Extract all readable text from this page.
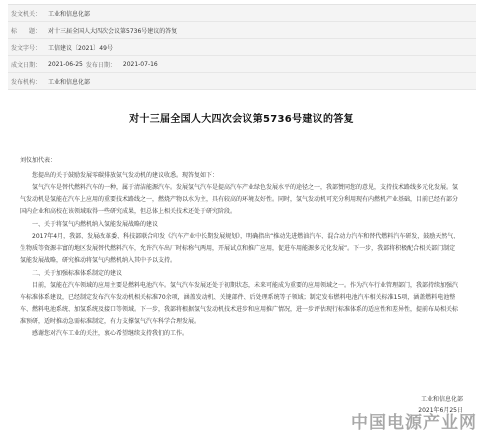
发文机关：	工业和信息化部
标　　题：	对十三届全国人大四次会议第5736号建议的答复
发文字号：	工信建议〔2021〕49号
成文日期：	2021-06-25 发布日期：	2021-07-16
发布机构：	工业和信息化部
对十三届全国人大四次会议第5736号建议的答复

刘仪加代表：

您提出的关于鼓励发展零碳排放氨气发动机的建议收悉。现答复如下：

氢气汽车是替代燃料汽车的一种，属于清洁能源汽车。发展氢气汽车是提高汽车产业绿色发展水平的途径之一，我部赞同您的意见，支持技术路线多元化发展。氢气发动机是氢能在汽车上应用的重要技术路线之一，燃烧产物以水为主，具有较高的环境友好性。同时，氢气发动机可充分利用现有内燃机产业基础，目前已经有部分国内企业和高校在该领域取得一些研究成果，但总体上相关技术还处于研究阶段。

一、关于将氢气内燃机纳入氢能发展战略的建议

2017年4月，我部、发展改革委、科技部联合印发《汽车产业中长期发展规划》，明确指出“推动先进燃油汽车、混合动力汽车和替代燃料汽车研发，鼓励天然气、生物质等资源丰富的地区发展替代燃料汽车，允许汽车出厂时标称气两用，开展试点和推广应用，促进车用能源多元化发展”。下一步，我部将积极配合相关部门制定氢能发展战略，研究推动将氢气内燃机纳入其中予以支持。

二、关于加强标准体系制定的建议

目前，氢能在汽车领域的应用主要是燃料电池汽车。氢气汽车发展还处于初期状态，未来可能成为重要的应用领域之一。作为汽车行业管理部门，我部持续加强汽车标准体系建设，已经制定发布汽车发动机相关标准70余项，涵盖发动机、关键部件、后处理系统等子领域；制定发布燃料电池汽车相关标准15项，涵盖燃料电池整车、燃料电池系统、加氢系统及接口等领域。下一步，我部将根据氢气发动机技术进步和应用推广情况，进一步评估现行标准体系的适应性和差异性，提前布局相关标准预研，适时推动急需标准制定，有力支撑氢气汽车科学合理发展。

感谢您对汽车工业的关注，衷心希望继续支持我们的工作。

工业和信息化部
2021年6月25日
中国电源产业网
